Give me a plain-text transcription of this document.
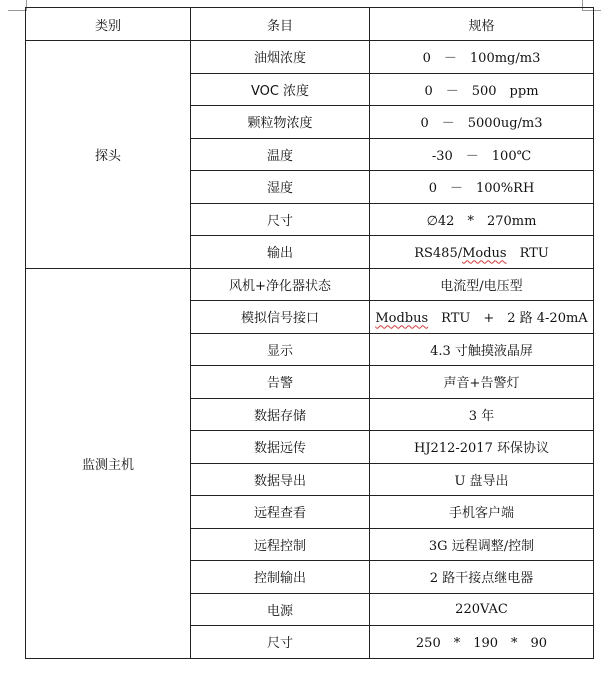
类别	条目	规格
探头	油烟浓度	0　－　100mg/m3
	VOC 浓度	0　－　500　ppm
	颗粒物浓度	0　－　5000ug/m3
	温度	-30　－　100℃
	湿度	0　－　100%RH
	尺寸	∅42　*　270mm
	输出	RS485/Modus　RTU
监测主机	风机+净化器状态	电流型/电压型
	模拟信号接口	Modbus　RTU　+　2 路 4-20mA
	显示	4.3 寸触摸液晶屏
	告警	声音+告警灯
	数据存储	3 年
	数据远传	HJ212-2017 环保协议
	数据导出	U 盘导出
	远程查看	手机客户端
	远程控制	3G 远程调整/控制
	控制输出	2 路干接点继电器
	电源	220VAC
	尺寸	250　*　190　*　90
